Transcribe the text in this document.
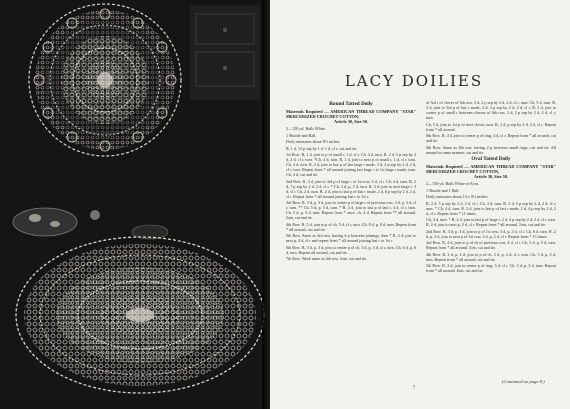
LACY DOILIES
Round Tatted Doily
Materials Required — AMERICAN THREAD COMPANY "STAR" MERCERIZED CROCHET COTTON,
Article 30, Size 50.

2—150 yd. Balls White.

1 Shuttle and Ball.

Doily measures about 8½ inches.

R, 1 d, 12 p sep by 1 d, 1 d, cl r, cut and tie.

1st Row. R, 1 d, join to p of small r, 1 d, cl r. Ch, 4 d, turn, R, 2 d, 5 p sep by 2 d, 2 d, cl r, turn. *Ch, 4 d, turn, R, 1 d, join to next p of small r, 1 d, cl r, turn. Ch, 4 d, turn, R, 2 d, join to last p of last large r made, 2 d, 4 p sep by 2 d, 2 d, cl r, turn. Repeat from * all around joining last large r to 1st large r made, turn. Ch, 4 d, cut and tie.

2nd Row. R, 3 d, join to 3rd p of large r of 1st row, 3 d, cl r. Ch, 4 d, turn. R, 2 d, 7 p sep by 2 d, 2 d, cl r. * Ch, 2 d, p, 2 d, turn. R, 3 d, join to next large r, 3 d, cl r. Ch, 2 d, turn. R, 2 d, join to last p of last r made, 2 d, 6 p sep by 2 d, 2 d, cl r. Repeat from * all around joining last r to 1st r.

3rd Row. R, 3 d, p, 3 d, join to center p of large r of previous row, 3 d, p, 3 d, cl r, turn. ** Ch, 5 d, p, 5 d, turn. * R, 4 d, join to last p of last r, 4 d, cl r, turn. Ch, 5 d, p, 5 d, turn. Repeat from * once, ch, 4 d. Repeat from ** all around. Join, cut and tie.

4th Row. R, 5 d, join to p of ch, 5 d, cl r, turn. Ch, 8 d, p, 8 d, turn. Repeat from * all around, cut and tie.

5th Row. Same as 3rd row, having 4 p between joinings, then * R, 4 d, join to next p, 4 d, cl r and repeat from * all around joining last r to 1st r.

6th Row. R, 3 d, p, 3 d, join to center p of ch, 3 d, p, 3 d, cl r, turn. Ch, 6 d, p, 6 d, turn. Repeat all around, cut and tie.

7th Row. Work same as 4th row. Join, cut and tie.

of 3rd r of clover of 6th row, 3 d, 2 p sep by 2 d, 2 d, cl r, turn. Ch, 5 d, turn. R, 2 d, join to 3rd p of last r made, 2 d, 2 p sep by 2 d, 2 d, cl r. R, 2 d, join to corner p of small r between clovers of 6th row, 2 d, 2 p sep by 2 d, 2 d, cl r, turn.

Ch, 5 d, join to 1st p of next clover, turn. R, 2 d, p sep by 2 d, 2 d, cl r. Repeat from * all around.

8th Row. R, 4 d, join to center p of ring, 4 d, cl r. Repeat from * all around, cut and tie.

9th Row. Same as 8th row, having 2 p between small rings, cut and tie. All around in same manner, cut and tie.

Oval Tatted Doily
Materials Required — AMERICAN THREAD COMPANY "STAR" MERCERIZED CROCHET COTTON,
Article 30, Size 50.

2—150 yd. Balls White or Ecru.

1 Shuttle and 1 Ball.

Doily measures about 13 x 9¼ inches.

R, 2 d, 5 p sep by 2 d, 2 d, cl r. Ch, 4 d, turn. R, 2 d, 5 p sep by 2 d, 2 d, cl r, turn. * Ch, 4 d, turn. R, 2 d, join to last p of last r made, 2 d, 4 p sep by 2 d, 2 d, cl r. Repeat from * 11 times.

Ch, 4 d, turn. * R, 2 d, join to last p of large r, 2 d, 4 p sep by 2 d, 2 d, cl r, turn. R, 2 d, join to next p, 2 d, cl r. Repeat from * all around. Join, cut and tie.

2nd Row. R, 3 d, p, 3 d, join to p of 1st row, 3 d, p, 3 d, cl r. Ch, 6 d, turn. R, 2 d, p, 2 d, join to next p of 1st row, 2 d, p, 2 d, cl r. Repeat from * 13 times.

3rd Row. R, 4 d, join to p of ch of previous row, 4 d, cl r. Ch, 5 d, p, 5 d, turn. Repeat from * all around. Join, cut and tie.

4th Row. R, 2 d, p, 2 d, join to p of ch, 2 d, p, 2 d, cl r, turn. Ch, 5 d, p, 5 d, turn. Repeat from * all around, cut and tie.

5th Row. R, 3 d, join to center p of ring, 3 d, cl r. Ch, 3 d, p, 3 d, turn. Repeat from * all around. Join, cut and tie.

(Continued on page 8.)
7
